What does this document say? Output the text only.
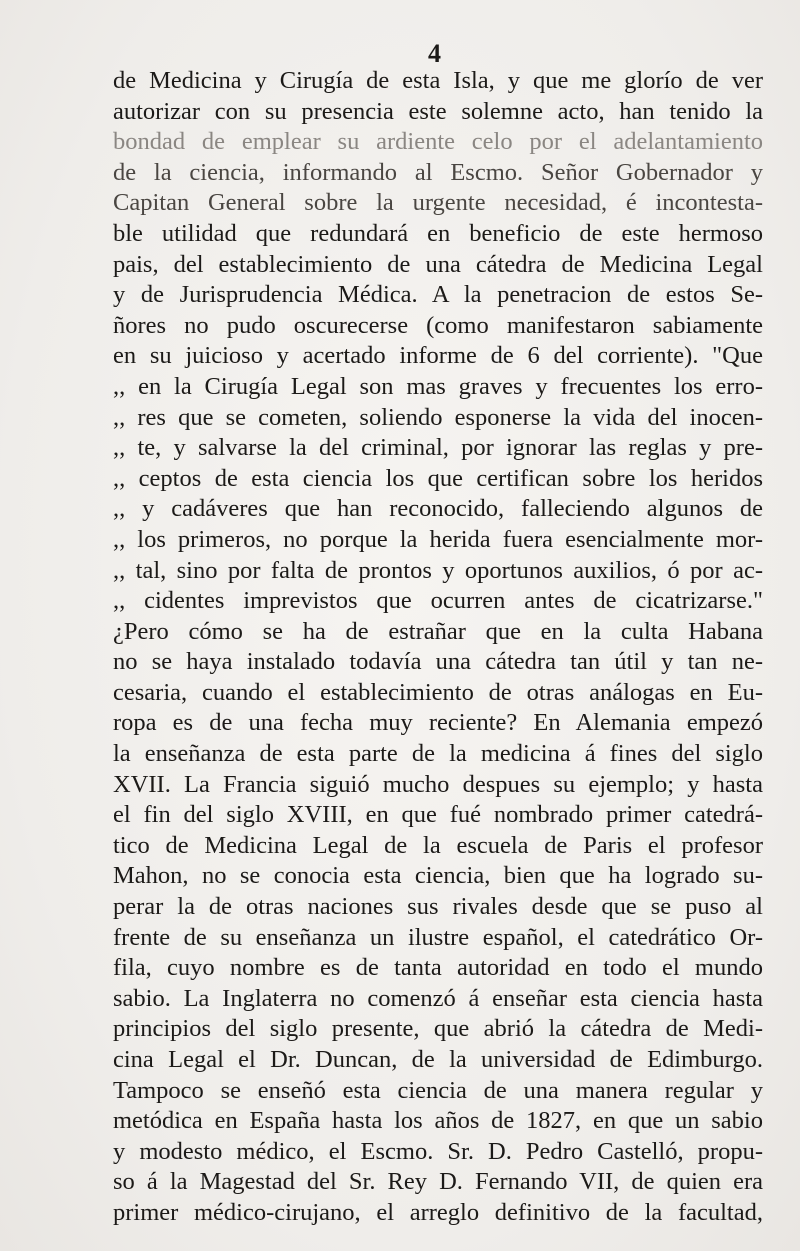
4
de Medicina y Cirugía de esta Isla, y que me glorío de ver
autorizar con su presencia este solemne acto, han tenido la
bondad de emplear su ardiente celo por el adelantamiento
de la ciencia, informando al Escmo. Señor Gobernador y
Capitan General sobre la urgente necesidad, é incontesta-
ble utilidad que redundará en beneficio de este hermoso
pais, del establecimiento de una cátedra de Medicina Legal
y de Jurisprudencia Médica. A la penetracion de estos Se-
ñores no pudo oscurecerse (como manifestaron sabiamente
en su juicioso y acertado informe de 6 del corriente). "Que
,, en la Cirugía Legal son mas graves y frecuentes los erro-
,, res que se cometen, soliendo esponerse la vida del inocen-
,, te, y salvarse la del criminal, por ignorar las reglas y pre-
,, ceptos de esta ciencia los que certifican sobre los heridos
,, y cadáveres que han reconocido, falleciendo algunos de
,, los primeros, no porque la herida fuera esencialmente mor-
,, tal, sino por falta de prontos y oportunos auxilios, ó por ac-
,, cidentes imprevistos que ocurren antes de cicatrizarse."
¿Pero cómo se ha de estrañar que en la culta Habana
no se haya instalado todavía una cátedra tan útil y tan ne-
cesaria, cuando el establecimiento de otras análogas en Eu-
ropa es de una fecha muy reciente? En Alemania empezó
la enseñanza de esta parte de la medicina á fines del siglo
XVII. La Francia siguió mucho despues su ejemplo; y hasta
el fin del siglo XVIII, en que fué nombrado primer catedrá-
tico de Medicina Legal de la escuela de Paris el profesor
Mahon, no se conocia esta ciencia, bien que ha logrado su-
perar la de otras naciones sus rivales desde que se puso al
frente de su enseñanza un ilustre español, el catedrático Or-
fila, cuyo nombre es de tanta autoridad en todo el mundo
sabio. La Inglaterra no comenzó á enseñar esta ciencia hasta
principios del siglo presente, que abrió la cátedra de Medi-
cina Legal el Dr. Duncan, de la universidad de Edimburgo.
Tampoco se enseñó esta ciencia de una manera regular y
metódica en España hasta los años de 1827, en que un sabio
y modesto médico, el Escmo. Sr. D. Pedro Castelló, propu-
so á la Magestad del Sr. Rey D. Fernando VII, de quien era
primer médico-cirujano, el arreglo definitivo de la facultad,
